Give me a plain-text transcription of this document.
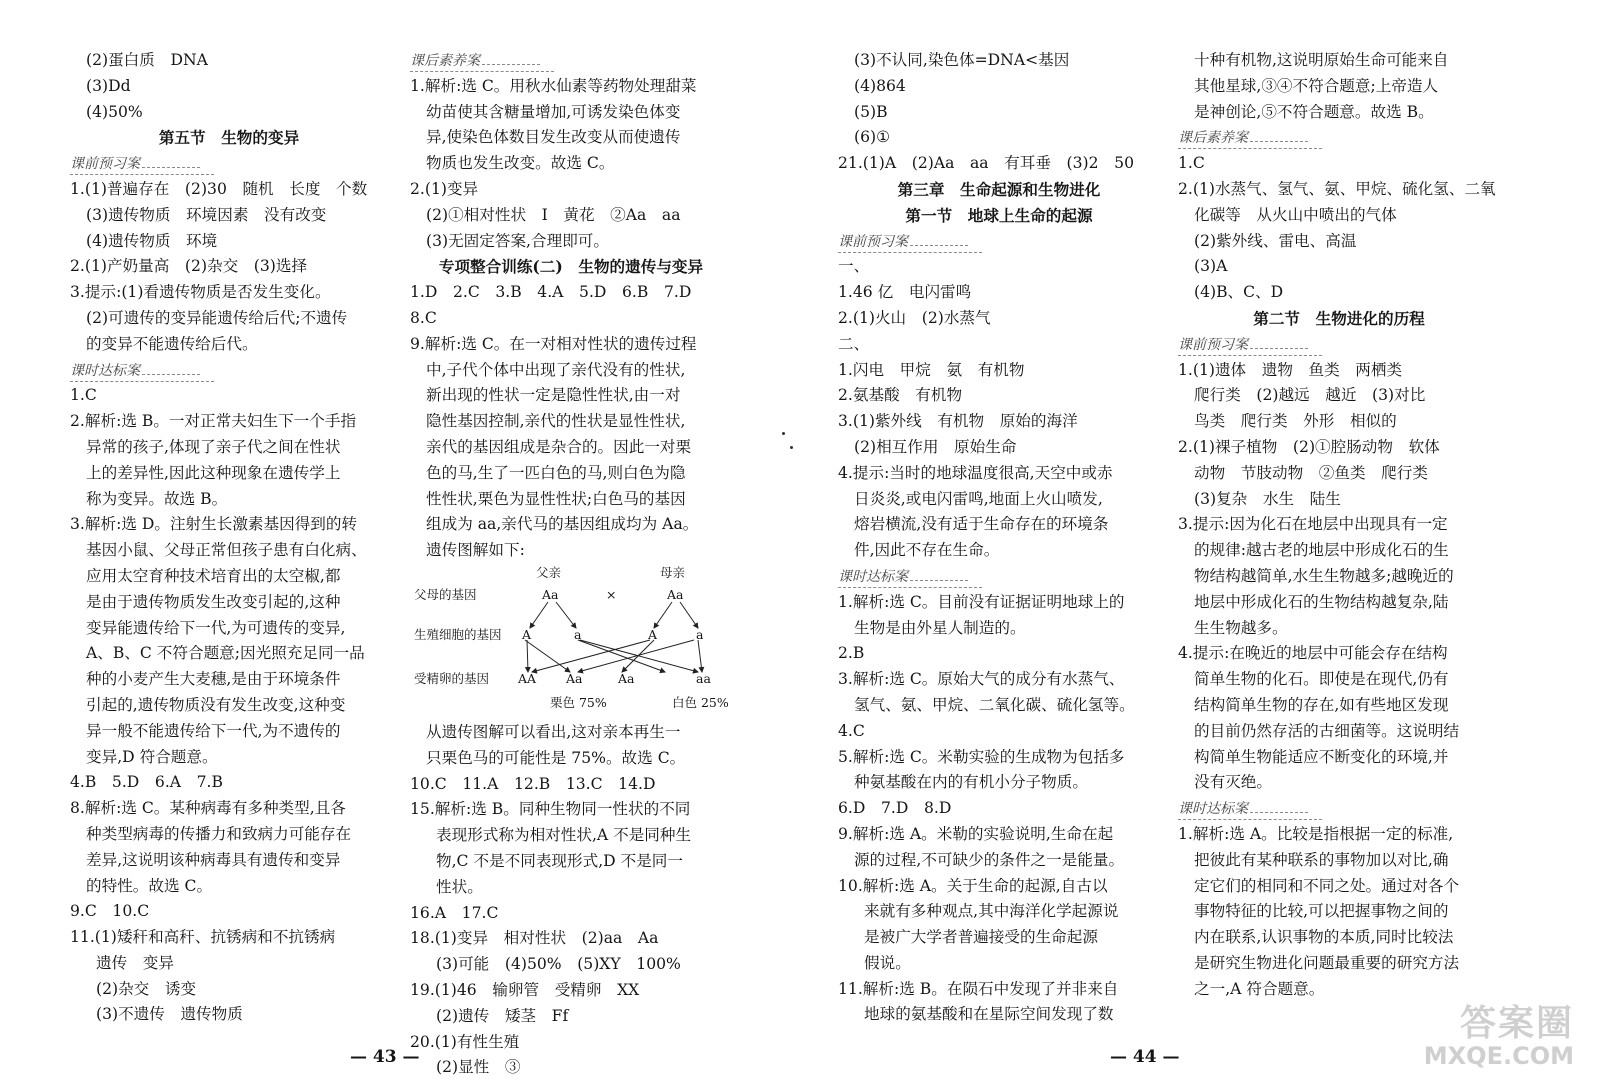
(2)蛋白质　DNA
(3)Dd
(4)50%
第五节　生物的变异
课前预习案
1.(1)普遍存在　(2)30　随机　长度　个数
(3)遗传物质　环境因素　没有改变
(4)遗传物质　环境
2.(1)产奶量高　(2)杂交　(3)选择
3.提示:(1)看遗传物质是否发生变化。
(2)可遗传的变异能遗传给后代;不遗传
的变异不能遗传给后代。
课时达标案
1.C
2.解析:选 B。一对正常夫妇生下一个手指
异常的孩子,体现了亲子代之间在性状
上的差异性,因此这种现象在遗传学上
称为变异。故选 B。
3.解析:选 D。注射生长激素基因得到的转
基因小鼠、父母正常但孩子患有白化病、
应用太空育种技术培育出的太空椒,都
是由于遗传物质发生改变引起的,这种
变异能遗传给下一代,为可遗传的变异,
A、B、C 不符合题意;因光照充足同一品
种的小麦产生大麦穗,是由于环境条件
引起的,遗传物质没有发生改变,这种变
异一般不能遗传给下一代,为不遗传的
变异,D 符合题意。
4.B　5.D　6.A　7.B
8.解析:选 C。某种病毒有多种类型,且各
种类型病毒的传播力和致病力可能存在
差异,这说明该种病毒具有遗传和变异
的特性。故选 C。
9.C　10.C
11.(1)矮秆和高秆、抗锈病和不抗锈病
遗传　变异
(2)杂交　诱变
(3)不遗传　遗传物质
课后素养案
1.解析:选 C。用秋水仙素等药物处理甜菜
幼苗使其含糖量增加,可诱发染色体变
异,使染色体数目发生改变从而使遗传
物质也发生改变。故选 C。
2.(1)变异
(2)①相对性状　Ⅰ　黄花　②Aa　aa
(3)无固定答案,合理即可。
专项整合训练(二)　生物的遗传与变异
1.D　2.C　3.B　4.A　5.D　6.B　7.D
8.C
9.解析:选 C。在一对相对性状的遗传过程
中,子代个体中出现了亲代没有的性状,
新出现的性状一定是隐性性状,由一对
隐性基因控制,亲代的性状是显性性状,
亲代的基因组成是杂合的。因此一对栗
色的马,生了一匹白色的马,则白色为隐
性性状,栗色为显性性状;白色马的基因
组成为 aa,亲代马的基因组成均为 Aa。
遗传图解如下:
父亲	母亲
父母的基因	Aa	×	Aa
生殖细胞的基因 A	a	A	a
受精卵的基因 AA Aa	Aa	aa
栗色 75%	白色 25%
从遗传图解可以看出,这对亲本再生一
只栗色马的可能性是 75%。故选 C。
10.C　11.A　12.B　13.C　14.D
15.解析:选 B。同种生物同一性状的不同
表现形式称为相对性状,A 不是同种生
物,C 不是不同表现形式,D 不是同一
性状。
16.A　17.C
18.(1)变异　相对性状　(2)aa　Aa
(3)可能　(4)50%　(5)XY　100%
19.(1)46　输卵管　受精卵　XX
(2)遗传　矮茎　Ff
20.(1)有性生殖
(2)显性　③
(3)不认同,染色体=DNA<基因
(4)864
(5)B
(6)①
21.(1)A　(2)Aa　aa　有耳垂　(3)2　50
第三章　生命起源和生物进化
第一节　地球上生命的起源
课前预习案
一、
1.46 亿　电闪雷鸣
2.(1)火山　(2)水蒸气
二、
1.闪电　甲烷　氨　有机物
2.氨基酸　有机物
3.(1)紫外线　有机物　原始的海洋
(2)相互作用　原始生命
4.提示:当时的地球温度很高,天空中或赤
日炎炎,或电闪雷鸣,地面上火山喷发,
熔岩横流,没有适于生命存在的环境条
件,因此不存在生命。
课时达标案
1.解析:选 C。目前没有证据证明地球上的
生物是由外星人制造的。
2.B
3.解析:选 C。原始大气的成分有水蒸气、
氢气、氨、甲烷、二氧化碳、硫化氢等。
4.C
5.解析:选 C。米勒实验的生成物为包括多
种氨基酸在内的有机小分子物质。
6.D　7.D　8.D
9.解析:选 A。米勒的实验说明,生命在起
源的过程,不可缺少的条件之一是能量。
10.解析:选 A。关于生命的起源,自古以
来就有多种观点,其中海洋化学起源说
是被广大学者普遍接受的生命起源
假说。
11.解析:选 B。在陨石中发现了并非来自
地球的氨基酸和在星际空间发现了数
十种有机物,这说明原始生命可能来自
其他星球,③④不符合题意;上帝造人
是神创论,⑤不符合题意。故选 B。
课后素养案
1.C
2.(1)水蒸气、氢气、氨、甲烷、硫化氢、二氧
化碳等　从火山中喷出的气体
(2)紫外线、雷电、高温
(3)A
(4)B、C、D
第二节　生物进化的历程
课前预习案
1.(1)遗体　遗物　鱼类　两栖类
爬行类　(2)越远　越近　(3)对比
鸟类　爬行类　外形　相似的
2.(1)裸子植物　(2)①腔肠动物　软体
动物　节肢动物　②鱼类　爬行类
(3)复杂　水生　陆生
3.提示:因为化石在地层中出现具有一定
的规律:越古老的地层中形成化石的生
物结构越简单,水生生物越多;越晚近的
地层中形成化石的生物结构越复杂,陆
生生物越多。
4.提示:在晚近的地层中可能会存在结构
简单生物的化石。即使是在现代,仍有
结构简单生物的存在,如有些地区发现
的目前仍然存活的古细菌等。这说明结
构简单生物能适应不断变化的环境,并
没有灭绝。
课时达标案
1.解析:选 A。比较是指根据一定的标准,
把彼此有某种联系的事物加以对比,确
定它们的相同和不同之处。通过对各个
事物特征的比较,可以把握事物之间的
内在联系,认识事物的本质,同时比较法
是研究生物进化问题最重要的研究方法
之一,A 符合题意。
— 43 —	— 44 —
答案圈
MXQE.COM
